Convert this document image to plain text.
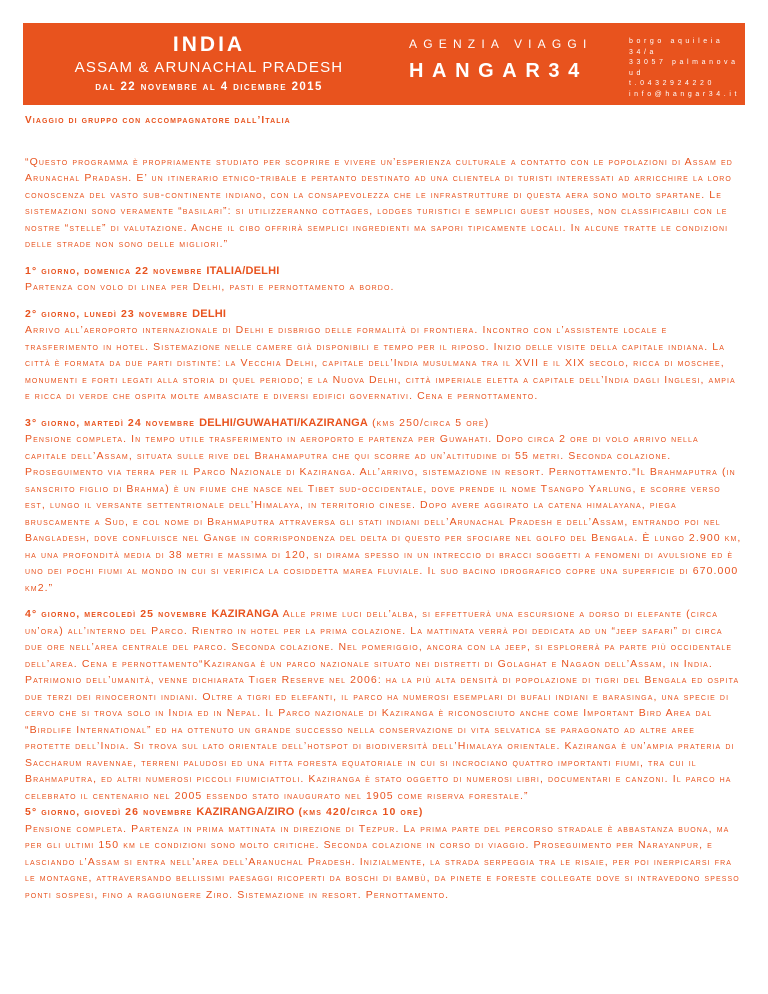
INDIA
ASSAM & ARUNACHAL PRADESH
dal 22 novembre al 4 dicembre 2015
AGENZIA VIAGGI
HANGAR34
borgo aquileia 34/a
33057 palmanova ud
t.0432924220
info@hangar34.it

Viaggio di gruppo con accompagnatore dall’Italia

“Questo programma è propriamente studiato per scoprire e vivere un’esperienza culturale a contatto con le popolazioni di Assam ed Arunachal Pradash. E’ un itinerario etnico-tribale e pertanto destinato ad una clientela di turisti interessati ad arricchire la loro conoscenza del vasto sub-continente indiano, con la consapevolezza che le infrastrutture di questa aera sono molto spartane. Le sistemazioni sono veramente “basilari”: si utilizzeranno cottages, lodges turistici e semplici guest houses, non classificabili con le nostre “stelle” di valutazione. Anche il cibo offrirà semplici ingredienti ma sapori tipicamente locali. In alcune tratte le condizioni delle strade non sono delle migliori.”

1° giorno, domenica 22 novembre ITALIA/DELHI
Partenza con volo di linea per Delhi, pasti e pernottamento a bordo.
2° giorno, lunedì 23 novembre DELHI
Arrivo all’aeroporto internazionale di Delhi e disbrigo delle formalità di frontiera. Incontro con l’assistente locale e trasferimento in hotel. Sistemazione nelle camere già disponibili e tempo per il riposo. Inizio delle visite della capitale indiana. La città è formata da due parti distinte: la Vecchia Delhi, capitale dell’India musulmana tra il XVII e il XIX secolo, ricca di moschee, monumenti e forti legati alla storia di quel periodo; e la Nuova Delhi, città imperiale eletta a capitale dell’India dagli Inglesi, ampia e ricca di verde che ospita molte ambasciate e diversi edifici governativi. Cena e pernottamento.
3° giorno, martedì 24 novembre DELHI/GUWAHATI/KAZIRANGA (kms 250/circa 5 ore)
Pensione completa. In tempo utile trasferimento in aeroporto e partenza per Guwahati. Dopo circa 2 ore di volo arrivo nella capitale dell’Assam, situata sulle rive del Brahamaputra che qui scorre ad un’altitudine di 55 metri. Seconda colazione. Proseguimento via terra per il Parco Nazionale di Kaziranga. All’arrivo, sistemazione in resort. Pernottamento.“Il Brahmaputra (in sanscrito figlio di Brahma) è un fiume che nasce nel Tibet sud-occidentale, dove prende il nome Tsangpo Yarlung, e scorre verso est, lungo il versante settentrionale dell’Himalaya, in territorio cinese. Dopo avere aggirato la catena himalayana, piega bruscamente a Sud, e col nome di Brahmaputra attraversa gli stati indiani dell’Arunachal Pradesh e dell’Assam, entrando poi nel Bangladesh, dove confluisce nel Gange in corrispondenza del delta di questo per sfociare nel golfo del Bengala. È lungo 2.900 km, ha una profondità media di 38 metri e massima di 120, si dirama spesso in un intreccio di bracci soggetti a fenomeni di avulsione ed è uno dei pochi fiumi al mondo in cui si verifica la cosiddetta marea fluviale. Il suo bacino idrografico copre una superficie di 670.000 km2.”
4° giorno, mercoledì 25 novembre KAZIRANGA Alle prime luci dell’alba, si effettuerà una escursione a dorso di elefante (circa un’ora) all’interno del Parco. Rientro in hotel per la prima colazione. La mattinata verrà poi dedicata ad un “jeep safari” di circa due ore nell’area centrale del parco. Seconda colazione. Nel pomeriggio, ancora con la jeep, si esplorerà pa parte più occidentale dell’area. Cena e pernottamento“Kaziranga è un parco nazionale situato nei distretti di Golaghat e Nagaon dell’Assam, in India. Patrimonio dell’umanità, venne dichiarata Tiger Reserve nel 2006: ha la più alta densità di popolazione di tigri del Bengala ed ospita due terzi dei rinoceronti indiani. Oltre a tigri ed elefanti, il parco ha numerosi esemplari di bufali indiani e barasinga, una specie di cervo che si trova solo in India ed in Nepal. Il Parco nazionale di Kaziranga è riconosciuto anche come Important Bird Area dal “Birdlife International” ed ha ottenuto un grande successo nella conservazione di vita selvatica se paragonato ad altre aree protette dell’India. Si trova sul lato orientale dell’hotspot di biodiversità dell’Himalaya orientale. Kaziranga è un’ampia prateria di Saccharum ravennae, terreni paludosi ed una fitta foresta equatoriale in cui si incrociano quattro importanti fiumi, tra cui il Brahmaputra, ed altri numerosi piccoli fiumiciattoli. Kaziranga è stato oggetto di numerosi libri, documentari e canzoni. Il parco ha celebrato il centenario nel 2005 essendo stato inaugurato nel 1905 come riserva forestale.”
5° giorno, giovedì 26 novembre KAZIRANGA/ZIRO (kms 420/circa 10 ore)
Pensione completa. Partenza in prima mattinata in direzione di Tezpur. La prima parte del percorso stradale è abbastanza buona, ma per gli ultimi 150 km le condizioni sono molto critiche. Seconda colazione in corso di viaggio. Proseguimento per Narayanpur, e lasciando l’Assam si entra nell’area dell’Aranuchal Pradesh. Inizialmente, la strada serpeggia tra le risaie, per poi inerpicarsi fra le montagne, attraversando bellissimi paesaggi ricoperti da boschi di bambù, da pinete e foreste collegate dove si intravedono spesso ponti sospesi, fino a raggiungere Ziro. Sistemazione in resort. Pernottamento.
